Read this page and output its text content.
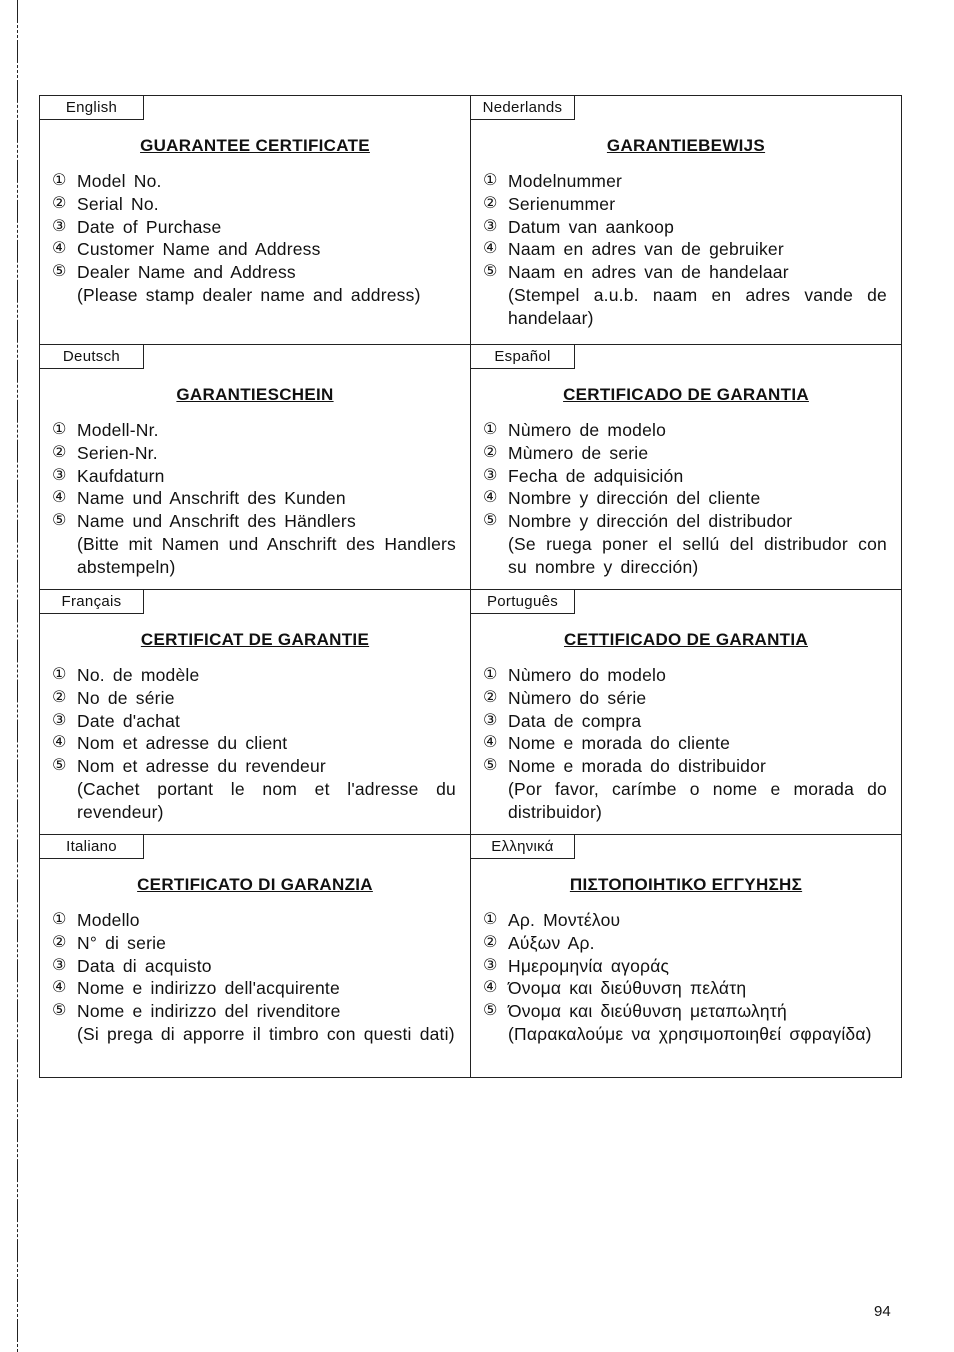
English
GUARANTEE CERTIFICATE
① Model No.
② Serial No.
③ Date of Purchase
④ Customer Name and Address
⑤ Dealer Name and Address
(Please stamp dealer name and address)
Nederlands
GARANTIEBEWIJS
① Modelnummer
② Serienummer
③ Datum van aankoop
④ Naam en adres van de gebruiker
⑤ Naam en adres van de handelaar
(Stempel a.u.b. naam en adres vande de handelaar)
Deutsch
GARANTIESCHEIN
① Modell-Nr.
② Serien-Nr.
③ Kaufdaturn
④ Name und Anschrift des Kunden
⑤ Name und Anschrift des Händlers
(Bitte mit Namen und Anschrift des Handlers abstempeln)
Español
CERTIFICADO DE GARANTIA
① Nùmero de modelo
② Mùmero de serie
③ Fecha de adquisición
④ Nombre y dirección del cliente
⑤ Nombre y dirección del distribudor
(Se ruega poner el sellú del distribudor con su nombre y dirección)
Français
CERTIFICAT DE GARANTIE
① No. de modèle
② No de série
③ Date d'achat
④ Nom et adresse du client
⑤ Nom et adresse du revendeur
(Cachet portant le nom et l'adresse du revendeur)
Português
CETTIFICADO DE GARANTIA
① Nùmero do modelo
② Nùmero do série
③ Data de compra
④ Nome e morada do cliente
⑤ Nome e morada do distribuidor
(Por favor, carímbe o nome e morada do distribuidor)
Italiano
CERTIFICATO DI GARANZIA
① Modello
② N° di serie
③ Data di acquisto
④ Nome e indirizzo dell'acquirente
⑤ Nome e indirizzo del rivenditore
(Si prega di apporre il timbro con questi dati)
Ελληνικά
ΠΙΣΤΟΠΟΙΗΤΙΚΟ ΕΓΓΥΗΣΗΣ
① Αρ. Μοντέλου
② Αύξων Αρ.
③ Ημερομηνία αγοράς
④ Όνομα και διεύθυνση πελάτη
⑤ Όνομα και διεύθυνση μεταπωλητή
(Παρακαλούμε να χρησιμοποιηθεί σφραγίδα)
94
